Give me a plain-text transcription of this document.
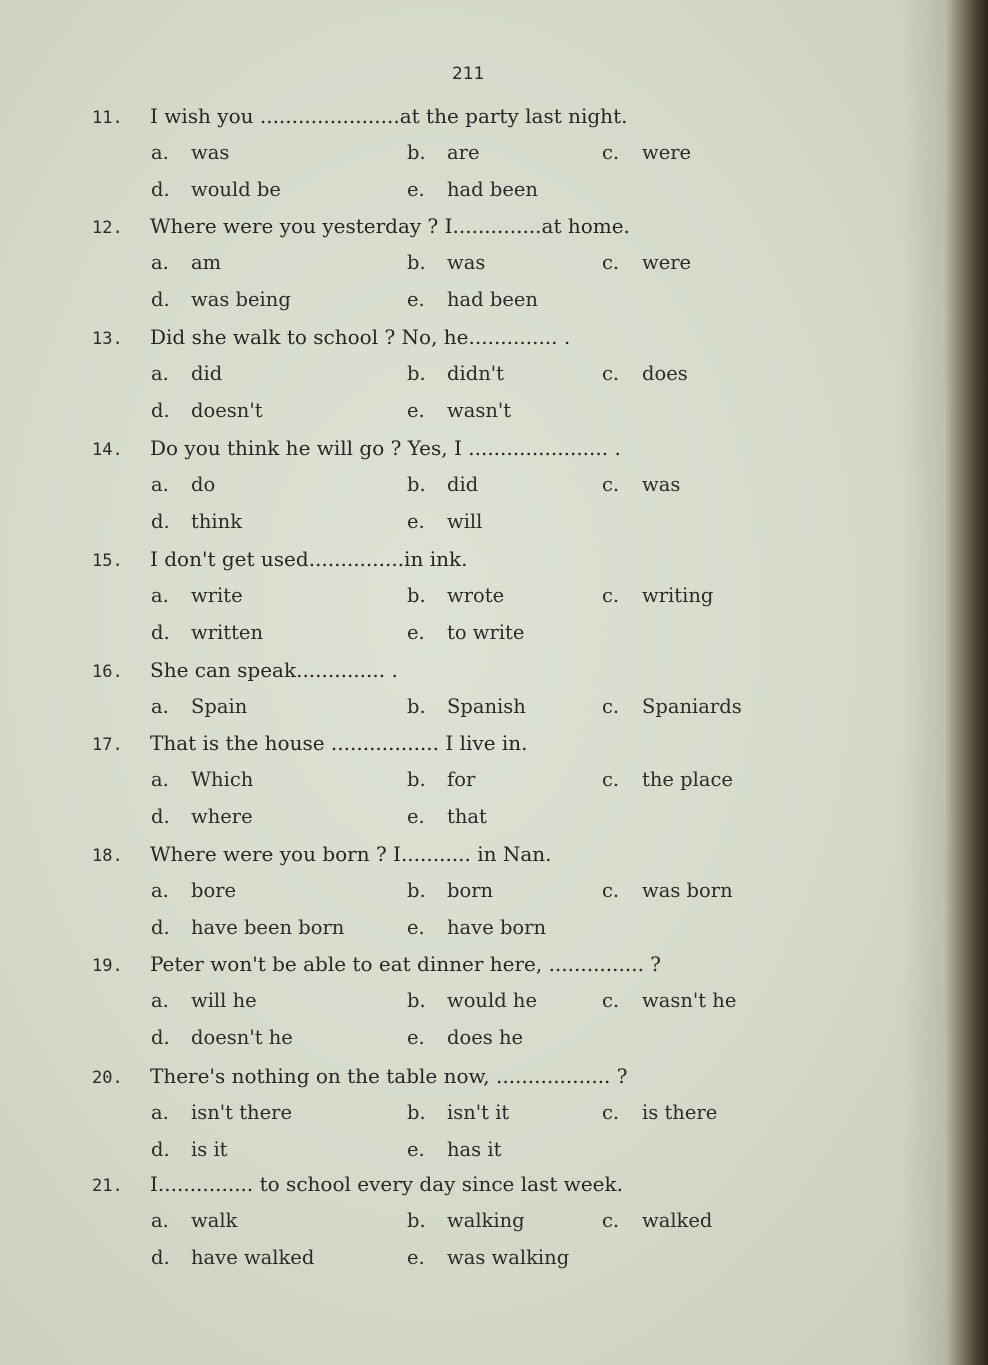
211
11. I wish you ......................at the party last night.
a. was	b. are	c. were
d. would be	e. had been
12. Where were you yesterday ? I..............at home.
a. am	b. was	c. were
d. was being	e. had been
13. Did she walk to school ? No, he.............. .
a. did	b. didn't	c. does
d. doesn't	e. wasn't
14. Do you think he will go ? Yes, I ...................... .
a. do	b. did	c. was
d. think	e. will
15. I don't get used...............in ink.
a. write	b. wrote	c. writing
d. written	e. to write
16. She can speak.............. .
a. Spain	b. Spanish	c. Spaniards
17. That is the house ................. I live in.
a. Which	b. for	c. the place
d. where	e. that
18. Where were you born ? I........... in Nan.
a. bore	b. born	c. was born
d. have been born	e. have born
19. Peter won't be able to eat dinner here, ............... ?
a. will he	b. would he	c. wasn't he
d. doesn't he	e. does he
20. There's nothing on the table now, .................. ?
a. isn't there	b. isn't it	c. is there
d. is it	e. has it
21. I............... to school every day since last week.
a. walk	b. walking	c. walked
d. have walked	e. was walking
